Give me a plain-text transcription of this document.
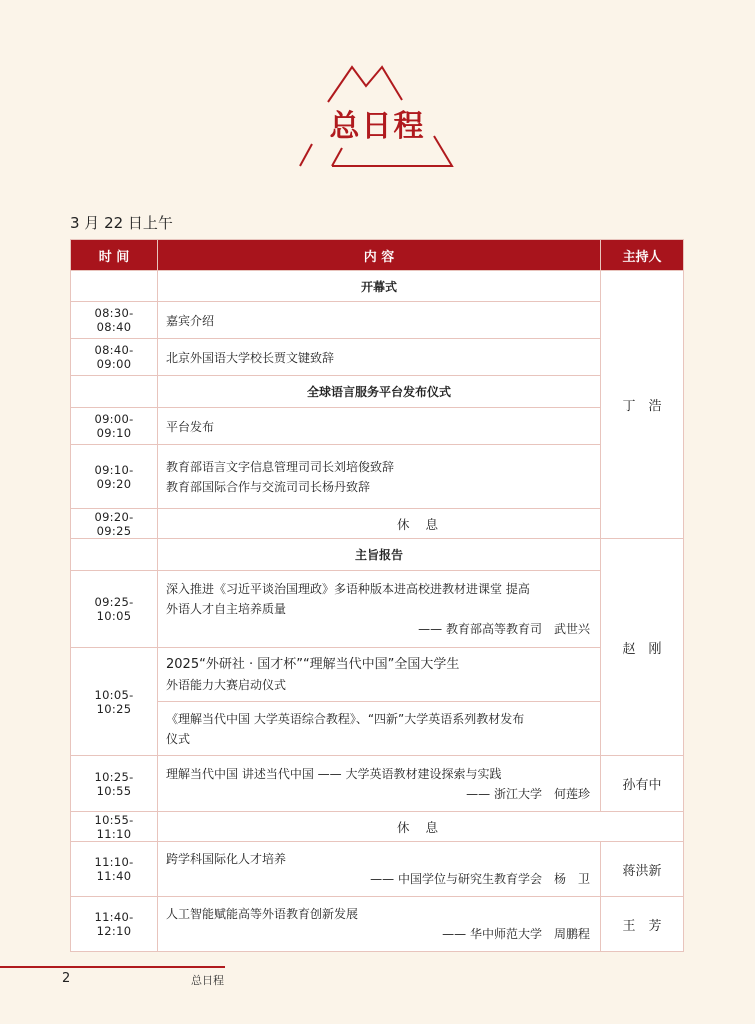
总日程
3 月 22 日上午
时 间	内 容	主持人
	开幕式	丁　浩
08:30-08:40	嘉宾介绍	
08:40-09:00	北京外国语大学校长贾文键致辞	
	全球语言服务平台发布仪式	
09:00-09:10	平台发布	
09:10-09:20	教育部语言文字信息管理司司长刘培俊致辞
教育部国际合作与交流司司长杨丹致辞	

09:20-09:25	休 息	
	主旨报告	赵　刚
09:25-10:05	深入推进《习近平谈治国理政》多语种版本进高校进教材进课堂 提高
外语人才自主培养质量
—— 教育部高等教育司　武世兴	

10:05-10:25	2025“外研社 · 国才杯”“理解当代中国”全国大学生
外语能力大赛启动仪式	

	《理解当代中国 大学英语综合教程》、“四新”大学英语系列教材发布
仪式	

10:25-10:55	理解当代中国 讲述当代中国 —— 大学英语教材建设探索与实践
—— 浙江大学　何莲珍	孙有中
10:55-11:10	休 息	
11:10-11:40	跨学科国际化人才培养
—— 中国学位与研究生教育学会　杨　卫	蒋洪新
11:40-12:10	人工智能赋能高等外语教育创新发展
—— 华中师范大学　周鹏程	王　芳
2	总日程
